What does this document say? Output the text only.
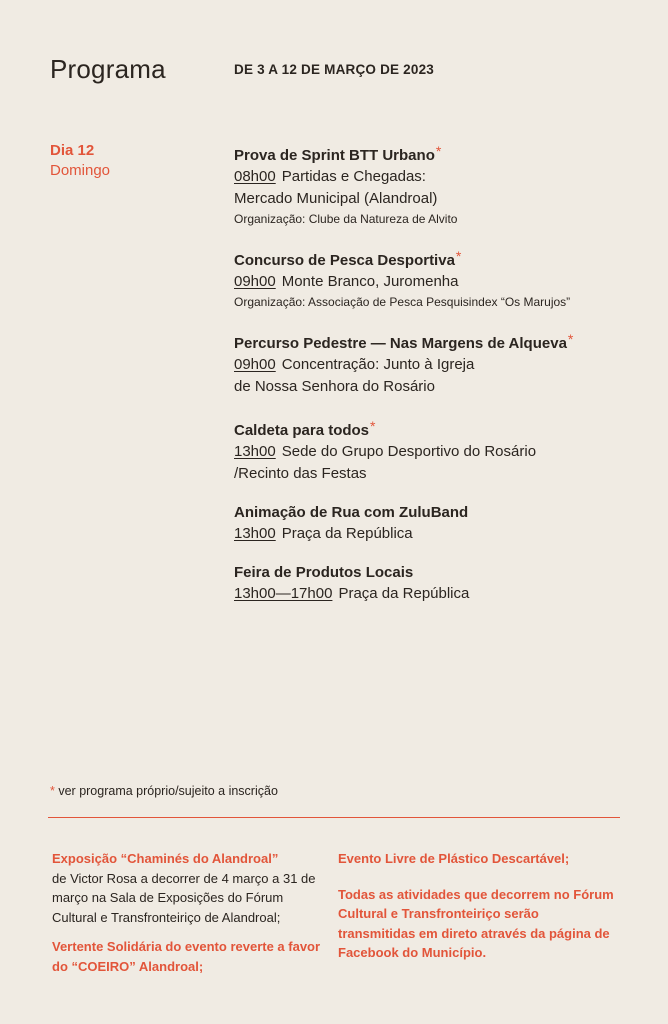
Programa	DE 3 A 12 DE MARÇO DE 2023
Dia 12
Domingo
Prova de Sprint BTT Urbano*
08h00 Partidas e Chegadas:
Mercado Municipal (Alandroal)
Organização: Clube da Natureza de Alvito
Concurso de Pesca Desportiva*
09h00 Monte Branco, Juromenha
Organização: Associação de Pesca Pesquisindex “Os Marujos”
Percurso Pedestre — Nas Margens de Alqueva*
09h00 Concentração: Junto à Igreja
de Nossa Senhora do Rosário
Caldeta para todos*
13h00 Sede do Grupo Desportivo do Rosário
/Recinto das Festas
Animação de Rua com ZuluBand
13h00 Praça da República
Feira de Produtos Locais
13h00—17h00 Praça da República
* ver programa próprio/sujeito a inscrição
Exposição “Chaminés do Alandroal”
de Victor Rosa a decorrer de 4 março a 31 de março na Sala de Exposições do Fórum Cultural e Transfronteiriço de Alandroal;
Vertente Solidária do evento reverte a favor do “COEIRO” Alandroal;
Evento Livre de Plástico Descartável;
Todas as atividades que decorrem no Fórum Cultural e Transfronteiriço serão transmitidas em direto através da página de Facebook do Município.
